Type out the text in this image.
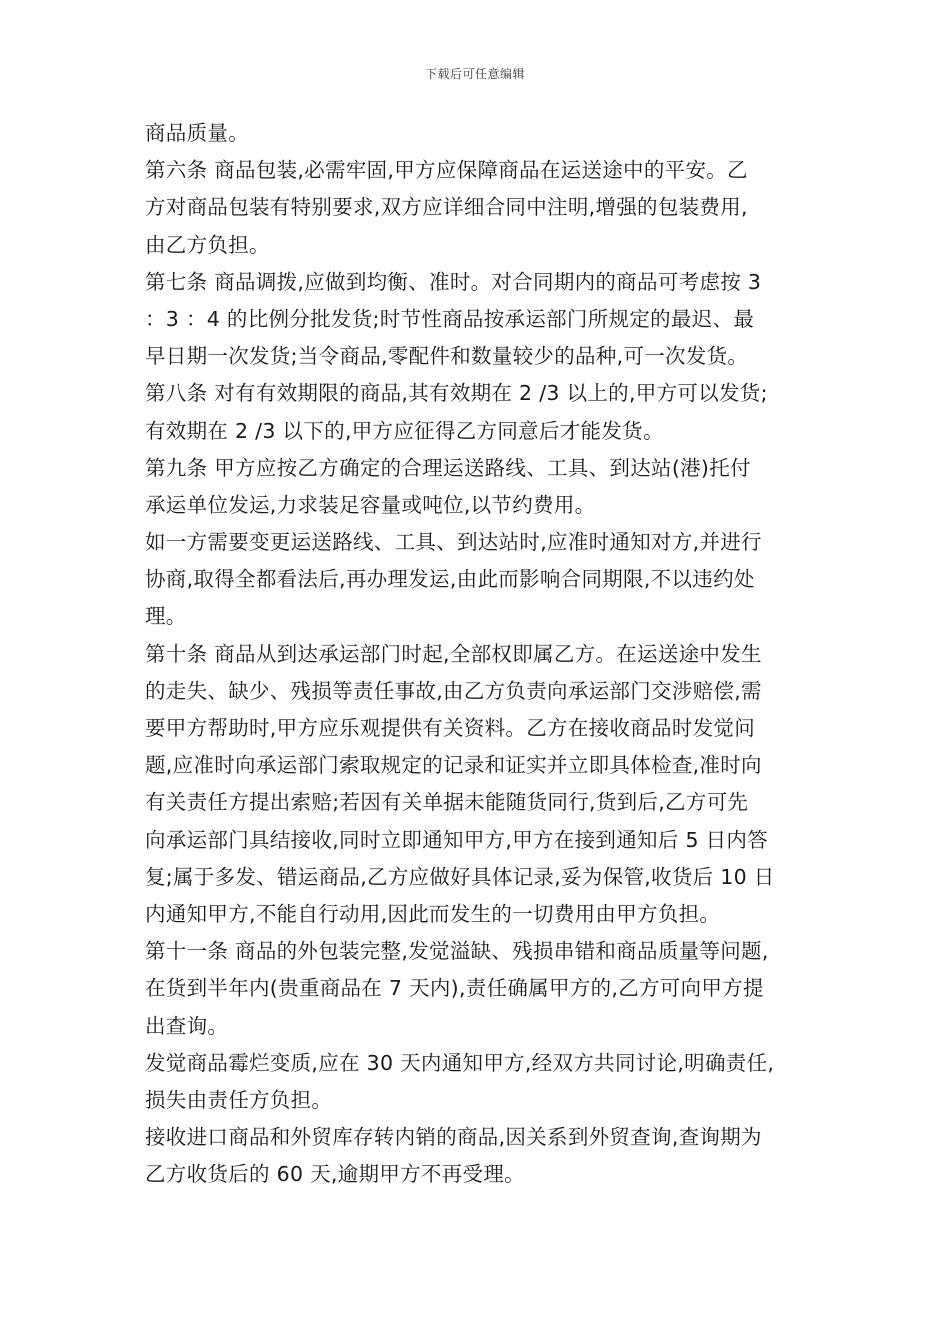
下载后可任意编辑
商品质量。
第六条 商品包装,必需牢固,甲方应保障商品在运送途中的平安。乙
方对商品包装有特别要求,双方应详细合同中注明,增强的包装费用,
由乙方负担。
第七条 商品调拨,应做到均衡、准时。对合同期内的商品可考虑按 3
：3 ：4 的比例分批发货;时节性商品按承运部门所规定的最迟、最
早日期一次发货;当令商品,零配件和数量较少的品种,可一次发货。
第八条 对有有效期限的商品,其有效期在 2 /3 以上的,甲方可以发货;
有效期在 2 /3 以下的,甲方应征得乙方同意后才能发货。
第九条 甲方应按乙方确定的合理运送路线、工具、到达站(港)托付
承运单位发运,力求装足容量或吨位,以节约费用。
如一方需要变更运送路线、工具、到达站时,应准时通知对方,并进行
协商,取得全都看法后,再办理发运,由此而影响合同期限,不以违约处
理。
第十条 商品从到达承运部门时起,全部权即属乙方。在运送途中发生
的走失、缺少、残损等责任事故,由乙方负责向承运部门交涉赔偿,需
要甲方帮助时,甲方应乐观提供有关资料。乙方在接收商品时发觉问
题,应准时向承运部门索取规定的记录和证实并立即具体检查,准时向
有关责任方提出索赔;若因有关单据未能随货同行,货到后,乙方可先
向承运部门具结接收,同时立即通知甲方,甲方在接到通知后 5 日内答
复;属于多发、错运商品,乙方应做好具体记录,妥为保管,收货后 10 日
内通知甲方,不能自行动用,因此而发生的一切费用由甲方负担。
第十一条 商品的外包装完整,发觉溢缺、残损串错和商品质量等问题,
在货到半年内(贵重商品在 7 天内),责任确属甲方的,乙方可向甲方提
出查询。
发觉商品霉烂变质,应在 30 天内通知甲方,经双方共同讨论,明确责任,
损失由责任方负担。
接收进口商品和外贸库存转内销的商品,因关系到外贸查询,查询期为
乙方收货后的 60 天,逾期甲方不再受理。
